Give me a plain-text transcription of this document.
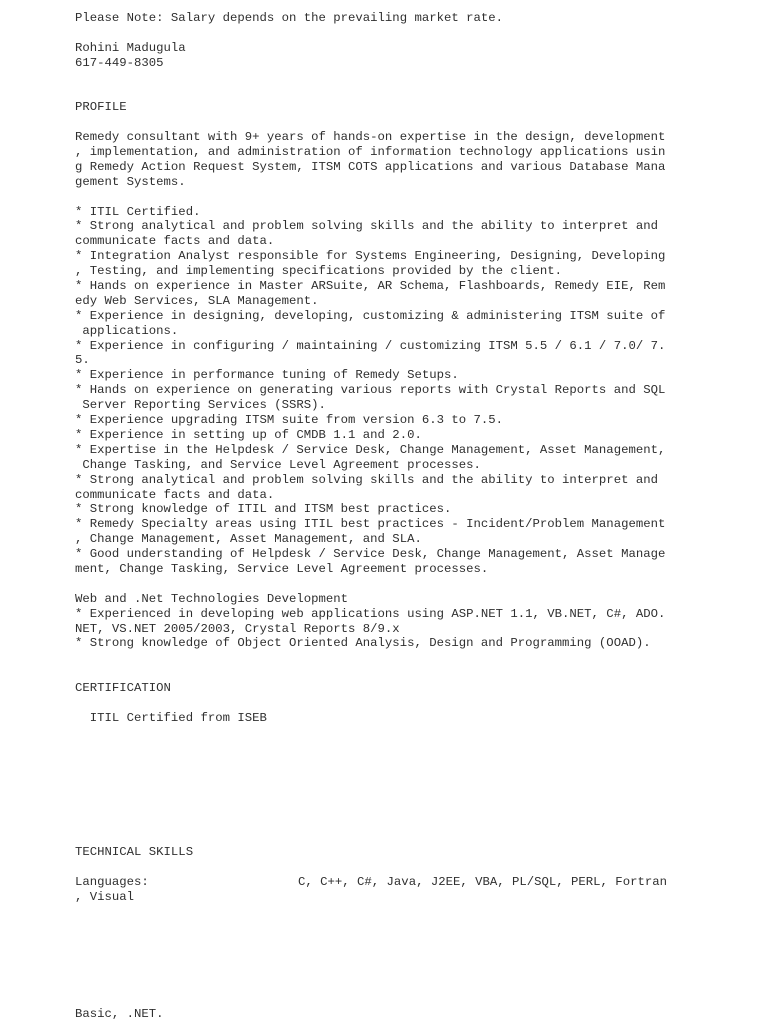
Please Note: Salary depends on the prevailing market rate.
Rohini Madugula
617-449-8305
PROFILE
Remedy consultant with 9+ years of hands-on expertise in the design, development
, implementation, and administration of information technology applications usin
g Remedy Action Request System, ITSM COTS applications and various Database Mana
gement Systems.
* ITIL Certified.
* Strong analytical and problem solving skills and the ability to interpret and
communicate facts and data.
* Integration Analyst responsible for Systems Engineering, Designing, Developing
, Testing, and implementing specifications provided by the client.
* Hands on experience in Master ARSuite, AR Schema, Flashboards, Remedy EIE, Rem
edy Web Services, SLA Management.
* Experience in designing, developing, customizing & administering ITSM suite of
applications.
* Experience in configuring / maintaining / customizing ITSM 5.5 / 6.1 / 7.0/ 7.
5.
* Experience in performance tuning of Remedy Setups.
* Hands on experience on generating various reports with Crystal Reports and SQL
Server Reporting Services (SSRS).
* Experience upgrading ITSM suite from version 6.3 to 7.5.
* Experience in setting up of CMDB 1.1 and 2.0.
* Expertise in the Helpdesk / Service Desk, Change Management, Asset Management,
Change Tasking, and Service Level Agreement processes.
* Strong analytical and problem solving skills and the ability to interpret and
communicate facts and data.
* Strong knowledge of ITIL and ITSM best practices.
* Remedy Specialty areas using ITIL best practices - Incident/Problem Management
, Change Management, Asset Management, and SLA.
* Good understanding of Helpdesk / Service Desk, Change Management, Asset Manage
ment, Change Tasking, Service Level Agreement processes.
Web and .Net Technologies Development
* Experienced in developing web applications using ASP.NET 1.1, VB.NET, C#, ADO.
NET, VS.NET 2005/2003, Crystal Reports 8/9.x
* Strong knowledge of Object Oriented Analysis, Design and Programming (OOAD).
CERTIFICATION
ITIL Certified from ISEB
TECHNICAL SKILLS
Languages:	C, C++, C#, Java, J2EE, VBA, PL/SQL, PERL, Fortran
, Visual
Basic, .NET.
